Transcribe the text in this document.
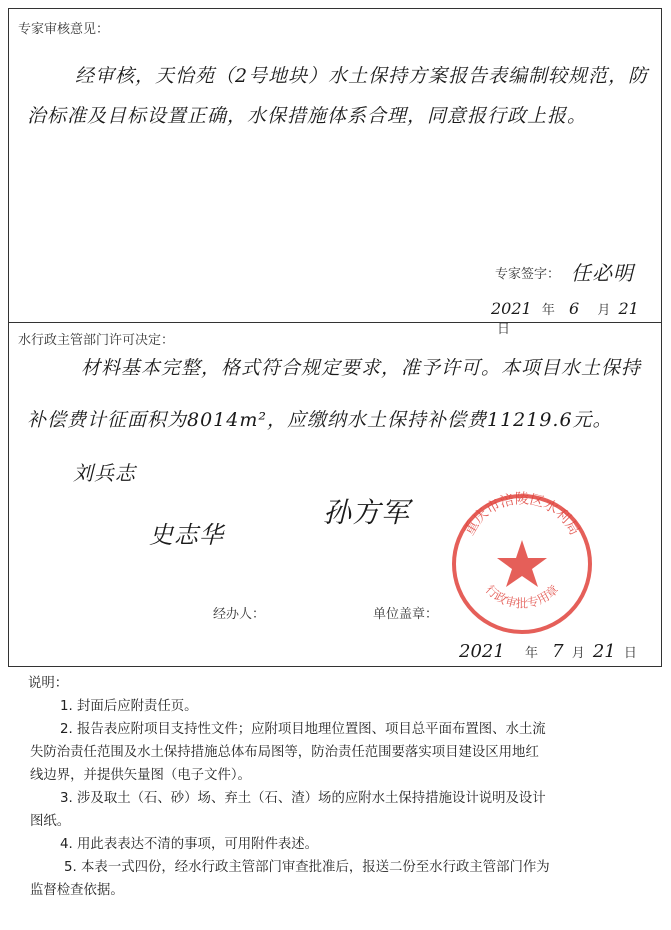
专家审核意见：
经审核，天怡苑（2号地块）水土保持方案报告表编制较规范，防
治标准及目标设置正确，水保措施体系合理，同意报行政上报。
专家签字： 任必明
2021 年 6 月 21 日
水行政主管部门许可决定：
材料基本完整，格式符合规定要求，准予许可。本项目水土保持
补偿费计征面积为8014m²，应缴纳水土保持补偿费11219.6元。
刘兵志
史志华
孙方军
经办人：	单位盖章：
2021 年 7 月 21 日
重庆市涪陵区水利局
行政审批专用章

说明：

1. 封面后应附责任页。

2. 报告表应附项目支持性文件；应附项目地理位置图、项目总平面布置图、水土流

失防治责任范围及水土保持措施总体布局图等，防治责任范围要落实项目建设区用地红

线边界，并提供矢量图（电子文件）。

3. 涉及取土（石、砂）场、弃土（石、渣）场的应附水土保持措施设计说明及设计

图纸。

4. 用此表表达不清的事项，可用附件表述。

5. 本表一式四份，经水行政主管部门审查批准后，报送二份至水行政主管部门作为

监督检查依据。
